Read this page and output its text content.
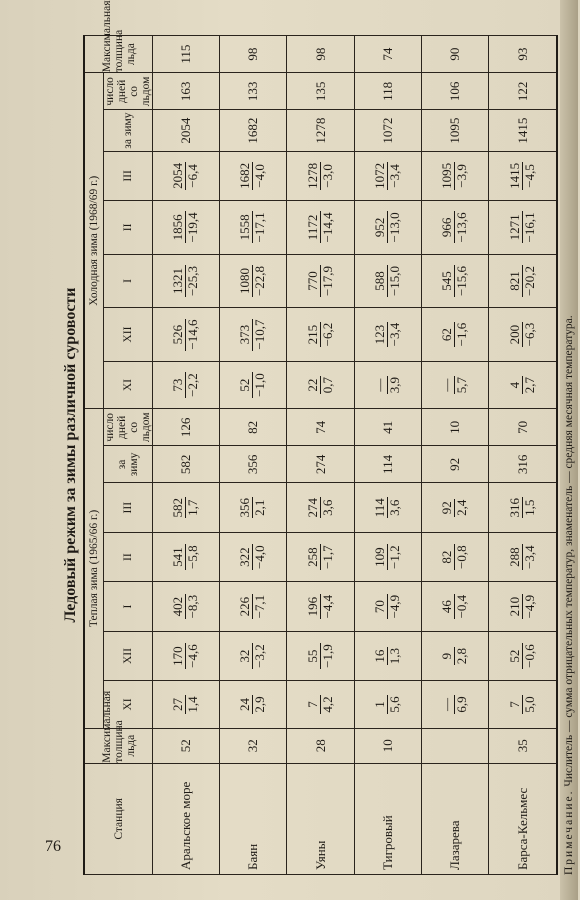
76
Ледовый режим за зимы различной суровости
Станция	Максимальная толщина льда	Теплая зима (1965/66 г.)							Холодная зима (1968/69 г.)							Максимальная толщина льда
		XI	XII	I	II	III	за зиму	число дней со льдом	XI	XII	I	II	III	за зиму	число дней со льдом	
Аральское море	52	27 1,4	170 −4,6	402 −8,3	541 −5,8	582 1,7	582	126	73 −2,2	526 −14,6	1321 −25,3	1856 −19,4	2054 −6,4	2054	163	115
Баян	32	24 2,9	32 −3,2	226 −7,1	322 −4,0	356 2,1	356	82	52 −1,0	373 −10,7	1080 −22,8	1558 −17,1	1682 −4,0	1682	133	98
Уяны	28	7 4,2	55 −1,9	196 −4,4	258 −1,7	274 3,6	274	74	22 0,7	215 −6,2	770 −17,9	1172 −14,4	1278 −3,0	1278	135	98
Тигровый	10	1 5,6	16 1,3	70 −4,9	109 −1,2	114 3,6	114	41	— 3,9	123 −3,4	588 −15,0	952 −13,0	1072 −3,4	1072	118	74
Лазарева		— 6,9	9 2,8	46 −0,4	82 −0,8	92 2,4	92	10	— 5,7	62 −1,6	545 −15,6	966 −13,6	1095 −3,9	1095	106	90
Барса-Кельмес	35	7 5,0	52 −0,6	210 −4,9	288 −3,4	316 1,5	316	70	4 2,7	200 −6,3	821 −20,2	1271 −16,1	1415 −4,5	1415	122	93
Примечание. Числитель — сумма отрицательных температур, знаменатель — средняя месячная температура.
